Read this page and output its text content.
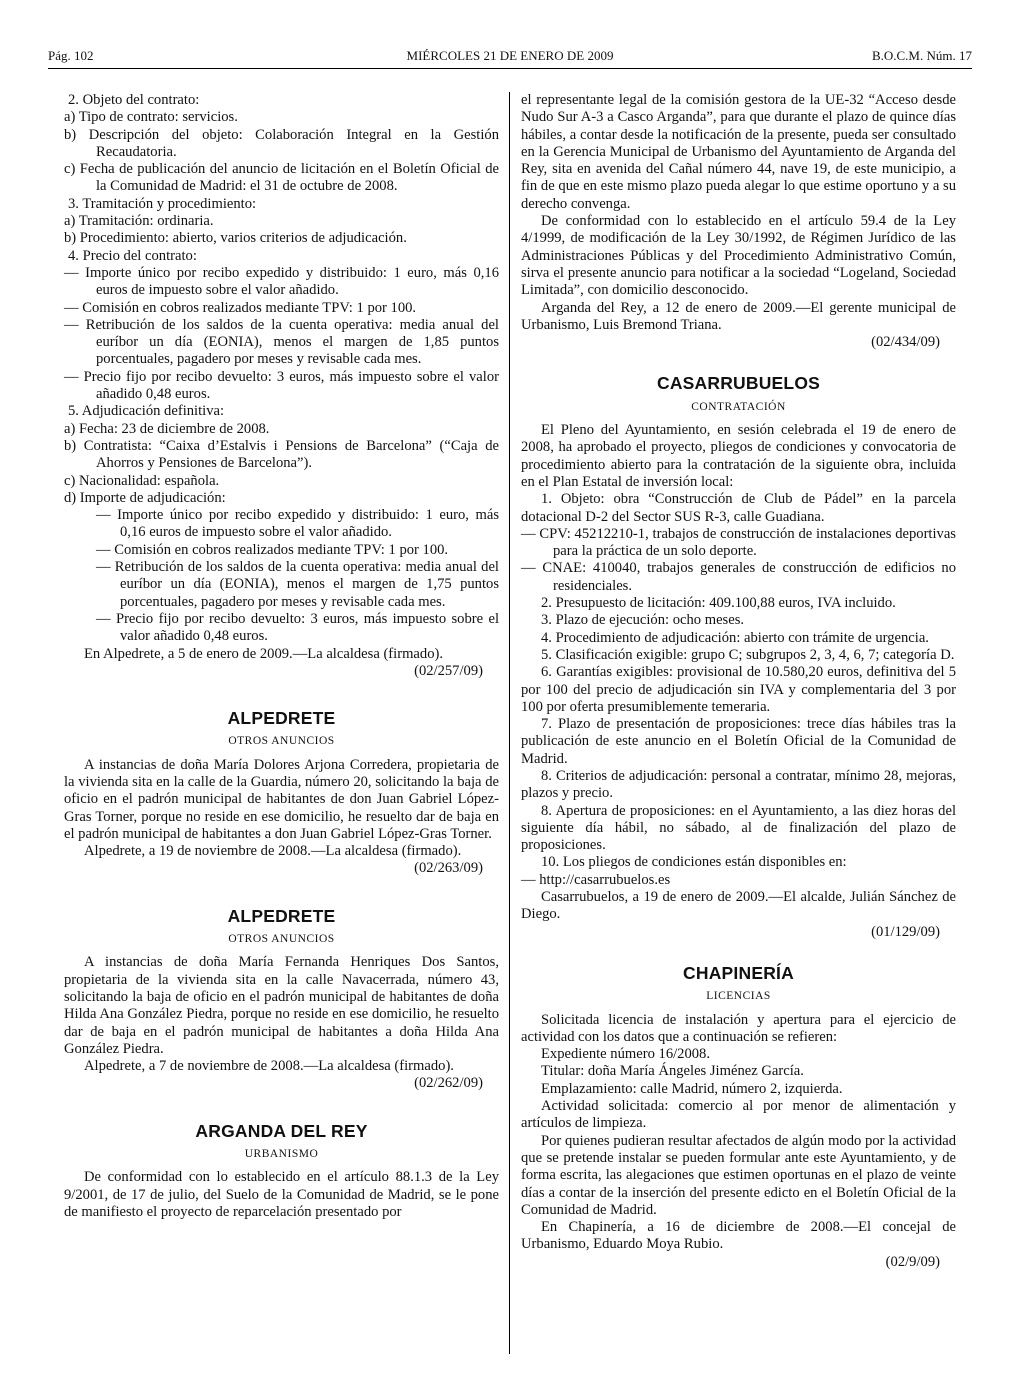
Pág. 102	MIÉRCOLES 21 DE ENERO DE 2009	B.O.C.M. Núm. 17

2. Objeto del contrato:

a) Tipo de contrato: servicios.

b) Descripción del objeto: Colaboración Integral en la Gestión Recaudatoria.

c) Fecha de publicación del anuncio de licitación en el Boletín Oficial de la Comunidad de Madrid: el 31 de octubre de 2008.

3. Tramitación y procedimiento:

a) Tramitación: ordinaria.

b) Procedimiento: abierto, varios criterios de adjudicación.

4. Precio del contrato:

— Importe único por recibo expedido y distribuido: 1 euro, más 0,16 euros de impuesto sobre el valor añadido.

— Comisión en cobros realizados mediante TPV: 1 por 100.

— Retribución de los saldos de la cuenta operativa: media anual del euríbor un día (EONIA), menos el margen de 1,85 puntos porcentuales, pagadero por meses y revisable cada mes.

— Precio fijo por recibo devuelto: 3 euros, más impuesto sobre el valor añadido 0,48 euros.

5. Adjudicación definitiva:

a) Fecha: 23 de diciembre de 2008.

b) Contratista: “Caixa d’Estalvis i Pensions de Barcelona” (“Caja de Ahorros y Pensiones de Barcelona”).

c) Nacionalidad: española.

d) Importe de adjudicación:

— Importe único por recibo expedido y distribuido: 1 euro, más 0,16 euros de impuesto sobre el valor añadido.

— Comisión en cobros realizados mediante TPV: 1 por 100.

— Retribución de los saldos de la cuenta operativa: media anual del euríbor un día (EONIA), menos el margen de 1,75 puntos porcentuales, pagadero por meses y revisable cada mes.

— Precio fijo por recibo devuelto: 3 euros, más impuesto sobre el valor añadido 0,48 euros.

En Alpedrete, a 5 de enero de 2009.—La alcaldesa (firmado).

(02/257/09)

ALPEDRETE

OTROS ANUNCIOS

A instancias de doña María Dolores Arjona Corredera, propietaria de la vivienda sita en la calle de la Guardia, número 20, solicitando la baja de oficio en el padrón municipal de habitantes de don Juan Gabriel López-Gras Torner, porque no reside en ese domicilio, he resuelto dar de baja en el padrón municipal de habitantes a don Juan Gabriel López-Gras Torner.

Alpedrete, a 19 de noviembre de 2008.—La alcaldesa (firmado).

(02/263/09)

ALPEDRETE

OTROS ANUNCIOS

A instancias de doña María Fernanda Henriques Dos Santos, propietaria de la vivienda sita en la calle Navacerrada, número 43, solicitando la baja de oficio en el padrón municipal de habitantes de doña Hilda Ana González Piedra, porque no reside en ese domicilio, he resuelto dar de baja en el padrón municipal de habitantes a doña Hilda Ana González Piedra.

Alpedrete, a 7 de noviembre de 2008.—La alcaldesa (firmado).

(02/262/09)

ARGANDA DEL REY

URBANISMO

De conformidad con lo establecido en el artículo 88.1.3 de la Ley 9/2001, de 17 de julio, del Suelo de la Comunidad de Madrid, se le pone de manifiesto el proyecto de reparcelación presentado por

el representante legal de la comisión gestora de la UE-32 “Acceso desde Nudo Sur A-3 a Casco Arganda”, para que durante el plazo de quince días hábiles, a contar desde la notificación de la presente, pueda ser consultado en la Gerencia Municipal de Urbanismo del Ayuntamiento de Arganda del Rey, sita en avenida del Cañal número 44, nave 19, de este municipio, a fin de que en este mismo plazo pueda alegar lo que estime oportuno y a su derecho convenga.

De conformidad con lo establecido en el artículo 59.4 de la Ley 4/1999, de modificación de la Ley 30/1992, de Régimen Jurídico de las Administraciones Públicas y del Procedimiento Administrativo Común, sirva el presente anuncio para notificar a la sociedad “Logeland, Sociedad Limitada”, con domicilio desconocido.

Arganda del Rey, a 12 de enero de 2009.—El gerente municipal de Urbanismo, Luis Bremond Triana.

(02/434/09)

CASARRUBUELOS

CONTRATACIÓN

El Pleno del Ayuntamiento, en sesión celebrada el 19 de enero de 2008, ha aprobado el proyecto, pliegos de condiciones y convocatoria de procedimiento abierto para la contratación de la siguiente obra, incluida en el Plan Estatal de inversión local:

1. Objeto: obra “Construcción de Club de Pádel” en la parcela dotacional D-2 del Sector SUS R-3, calle Guadiana.

— CPV: 45212210-1, trabajos de construcción de instalaciones deportivas para la práctica de un solo deporte.

— CNAE: 410040, trabajos generales de construcción de edificios no residenciales.

2. Presupuesto de licitación: 409.100,88 euros, IVA incluido.

3. Plazo de ejecución: ocho meses.

4. Procedimiento de adjudicación: abierto con trámite de urgencia.

5. Clasificación exigible: grupo C; subgrupos 2, 3, 4, 6, 7; categoría D.

6. Garantías exigibles: provisional de 10.580,20 euros, definitiva del 5 por 100 del precio de adjudicación sin IVA y complementaria del 3 por 100 por oferta presumiblemente temeraria.

7. Plazo de presentación de proposiciones: trece días hábiles tras la publicación de este anuncio en el Boletín Oficial de la Comunidad de Madrid.

8. Criterios de adjudicación: personal a contratar, mínimo 28, mejoras, plazos y precio.

8. Apertura de proposiciones: en el Ayuntamiento, a las diez horas del siguiente día hábil, no sábado, al de finalización del plazo de proposiciones.

10. Los pliegos de condiciones están disponibles en:

— http://casarrubuelos.es

Casarrubuelos, a 19 de enero de 2009.—El alcalde, Julián Sánchez de Diego.

(01/129/09)

CHAPINERÍA

LICENCIAS

Solicitada licencia de instalación y apertura para el ejercicio de actividad con los datos que a continuación se refieren:

Expediente número 16/2008.

Titular: doña María Ángeles Jiménez García.

Emplazamiento: calle Madrid, número 2, izquierda.

Actividad solicitada: comercio al por menor de alimentación y artículos de limpieza.

Por quienes pudieran resultar afectados de algún modo por la actividad que se pretende instalar se pueden formular ante este Ayuntamiento, y de forma escrita, las alegaciones que estimen oportunas en el plazo de veinte días a contar de la inserción del presente edicto en el Boletín Oficial de la Comunidad de Madrid.

En Chapinería, a 16 de diciembre de 2008.—El concejal de Urbanismo, Eduardo Moya Rubio.

(02/9/09)
